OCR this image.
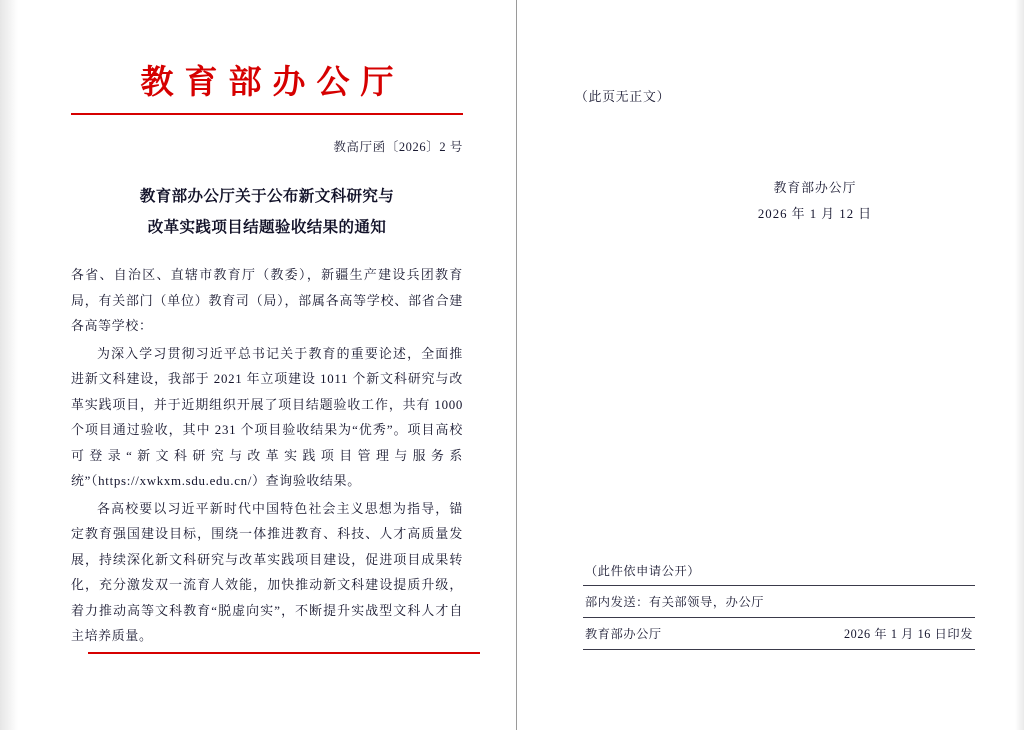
教育部办公厅
教高厅函〔2026〕2 号
教育部办公厅关于公布新文科研究与
改革实践项目结题验收结果的通知

各省、自治区、直辖市教育厅（教委），新疆生产建设兵团教育局，有关部门（单位）教育司（局），部属各高等学校、部省合建各高等学校：

为深入学习贯彻习近平总书记关于教育的重要论述，全面推进新文科建设，我部于 2021 年立项建设 1011 个新文科研究与改革实践项目，并于近期组织开展了项目结题验收工作，共有 1000 个项目通过验收，其中 231 个项目验收结果为“优秀”。项目高校可登录“新文科研究与改革实践项目管理与服务系统”（https://xwkxm.sdu.edu.cn/）查询验收结果。

各高校要以习近平新时代中国特色社会主义思想为指导，锚定教育强国建设目标，围绕一体推进教育、科技、人才高质量发展，持续深化新文科研究与改革实践项目建设，促进项目成果转化，充分激发双一流育人效能，加快推动新文科建设提质升级，着力推动高等文科教育“脱虚向实”，不断提升实战型文科人才自主培养质量。

（此页无正文）
教育部办公厅
2026 年 1 月 12 日
（此件依申请公开）
部内发送：有关部领导，办公厅
教育部办公厅	2026 年 1 月 16 日印发
